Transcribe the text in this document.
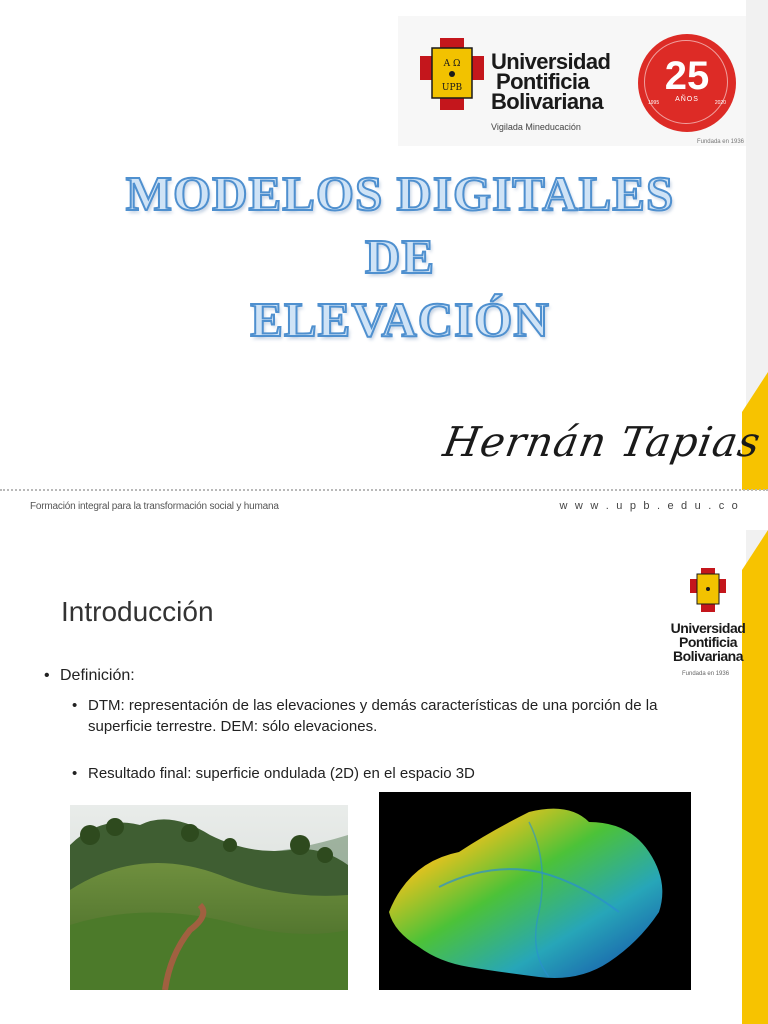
A Ω
UPB
Universidad
Pontificia
Bolivariana
Vigilada Mineducación
25
AÑOS
1995	2020
Fundada en 1936
MODELOS DIGITALES
DE
ELEVACIÓN
Hernán Tapias
Formación integral para la transformación social y humana	w w w . u p b . e d u . c o
Introducción
Universidad
Pontificia
Bolivariana
Fundada en 1936
• Definición:
• DTM: representación de las elevaciones y demás características de una porción de la superficie terrestre. DEM: sólo elevaciones.
• Resultado final: superficie ondulada (2D) en el espacio 3D
